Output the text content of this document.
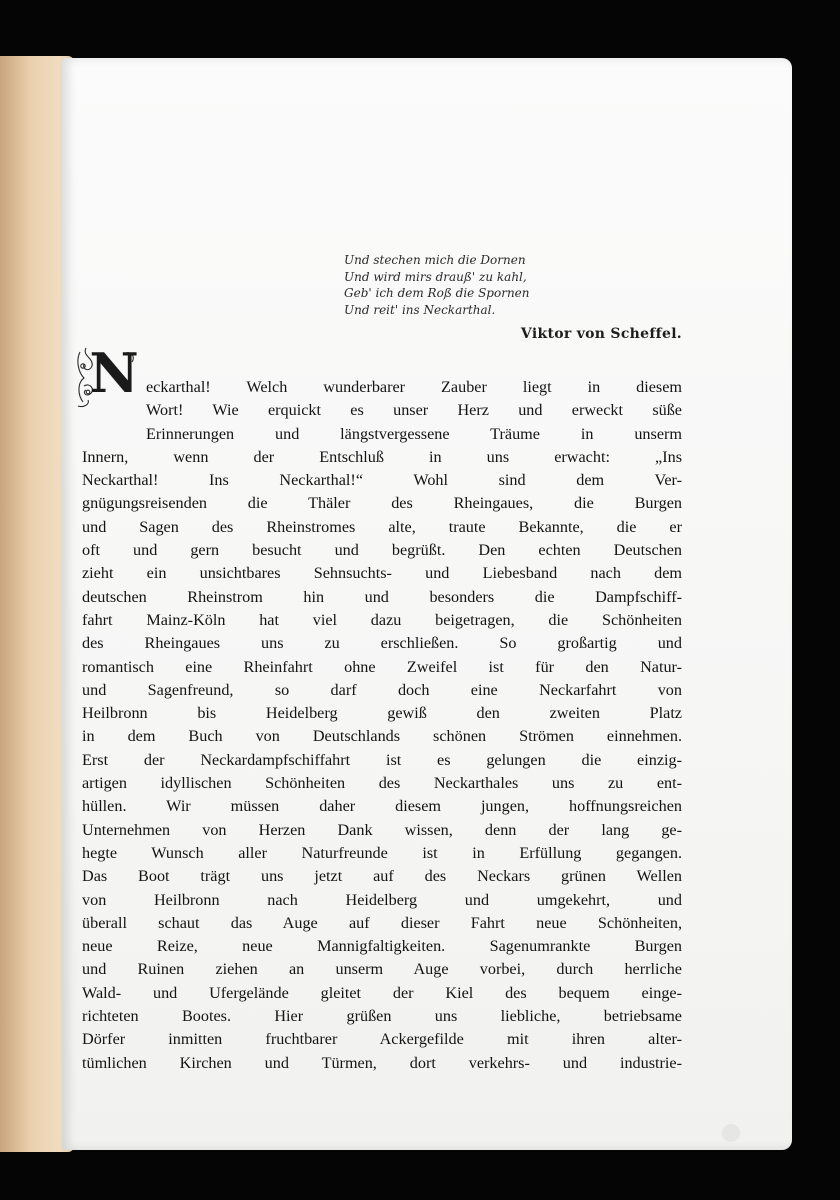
Und stechen mich die Dornen
Und wird mirs drauß' zu kahl,
Geb' ich dem Roß die Spornen
Und reit' ins Neckarthal.
Viktor von Scheffel.
N eckarthal! Welch wunderbarer Zauber liegt in diesem
Wort! Wie erquickt es unser Herz und erweckt süße
Erinnerungen und längstvergessene Träume in unserm
Innern, wenn der Entschluß in uns erwacht: „Ins
Neckarthal! Ins Neckarthal!“ Wohl sind dem Ver-
gnügungsreisenden die Thäler des Rheingaues, die Burgen
und Sagen des Rheinstromes alte, traute Bekannte, die er
oft und gern besucht und begrüßt. Den echten Deutschen
zieht ein unsichtbares Sehnsuchts- und Liebesband nach dem
deutschen Rheinstrom hin und besonders die Dampfschiff-
fahrt Mainz-Köln hat viel dazu beigetragen, die Schönheiten
des Rheingaues uns zu erschließen. So großartig und
romantisch eine Rheinfahrt ohne Zweifel ist für den Natur-
und Sagenfreund, so darf doch eine Neckarfahrt von
Heilbronn bis Heidelberg gewiß den zweiten Platz
in dem Buch von Deutschlands schönen Strömen einnehmen.
Erst der Neckardampfschiffahrt ist es gelungen die einzig-
artigen idyllischen Schönheiten des Neckarthales uns zu ent-
hüllen. Wir müssen daher diesem jungen, hoffnungsreichen
Unternehmen von Herzen Dank wissen, denn der lang ge-
hegte Wunsch aller Naturfreunde ist in Erfüllung gegangen.
Das Boot trägt uns jetzt auf des Neckars grünen Wellen
von Heilbronn nach Heidelberg und umgekehrt, und
überall schaut das Auge auf dieser Fahrt neue Schönheiten,
neue Reize, neue Mannigfaltigkeiten. Sagenumrankte Burgen
und Ruinen ziehen an unserm Auge vorbei, durch herrliche
Wald- und Ufergelände gleitet der Kiel des bequem einge-
richteten Bootes. Hier grüßen uns liebliche, betriebsame
Dörfer inmitten fruchtbarer Ackergefilde mit ihren alter-
tümlichen Kirchen und Türmen, dort verkehrs- und industrie-
